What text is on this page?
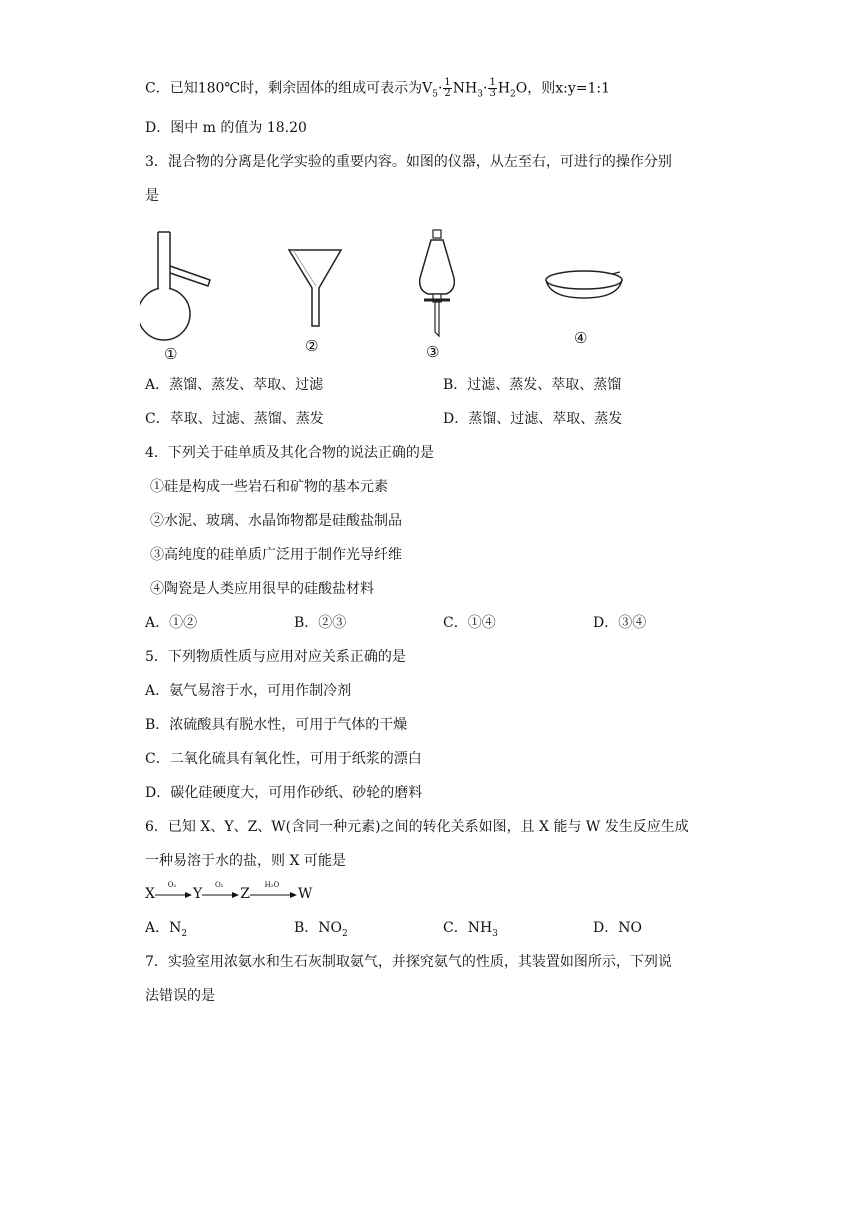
C．已知180℃时，剩余固体的组成可表示为$V_5\cdot \frac{1}{2} NH_3\cdot \frac{1}{3} H_2O$，则x:y=1:1
D．图中 m 的值为 18.20
3．混合物的分离是化学实验的重要内容。如图的仪器，从左至右，可进行的操作分别
是
①	②	③
④
A．蒸馏、蒸发、萃取、过滤	B．过滤、蒸发、萃取、蒸馏
C．萃取、过滤、蒸馏、蒸发	D．蒸馏、过滤、萃取、蒸发
4．下列关于硅单质及其化合物的说法正确的是
①硅是构成一些岩石和矿物的基本元素
②水泥、玻璃、水晶饰物都是硅酸盐制品
③高纯度的硅单质广泛用于制作光导纤维
④陶瓷是人类应用很早的硅酸盐材料
A．①②	B．②③	C．①④	D．③④
5．下列物质性质与应用对应关系正确的是
A．氨气易溶于水，可用作制冷剂
B．浓硫酸具有脱水性，可用于气体的干燥
C．二氧化硫具有氧化性，可用于纸浆的漂白
D．碳化硅硬度大，可用作砂纸、砂轮的磨料
6．已知 X、Y、Z、W(含同一种元素)之间的转化关系如图，且 X 能与 W 发生反应生成
一种易溶于水的盐，则 X 可能是
X
O₂
Y
O₂
Z
H₂O
W
A．$N_2$	B．$NO_2$	C．$NH_3$	D．NO
7．实验室用浓氨水和生石灰制取氨气，并探究氨气的性质，其装置如图所示，下列说
法错误的是
